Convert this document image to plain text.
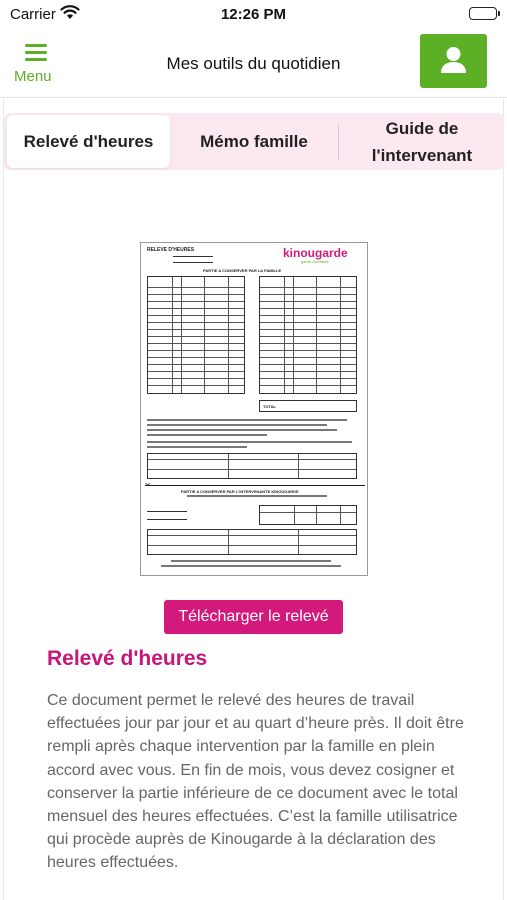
Carrier	12:26 PM
Menu
Mes outils du quotidien
Relevé d'heures	Mémo famille
Guide de l'intervenant
RELEVE D'HEURES	kinougarde
garde d'enfants
PARTIE A CONSERVER PAR LA FAMILLE
TOTAL
✂
PARTIE A CONSERVER PAR L'INTERVENANTE KINOUGARDE
Télécharger le relevé
Relevé d'heures

Ce document permet le relevé des heures de travail effectuées jour par jour et au quart d’heure près. Il doit être rempli après chaque intervention par la famille en plein accord avec vous. En fin de mois, vous devez cosigner et conserver la partie inférieure de ce document avec le total mensuel des heures effectuées. C’est la famille utilisatrice qui procède auprès de Kinougarde à la déclaration des heures effectuées.
